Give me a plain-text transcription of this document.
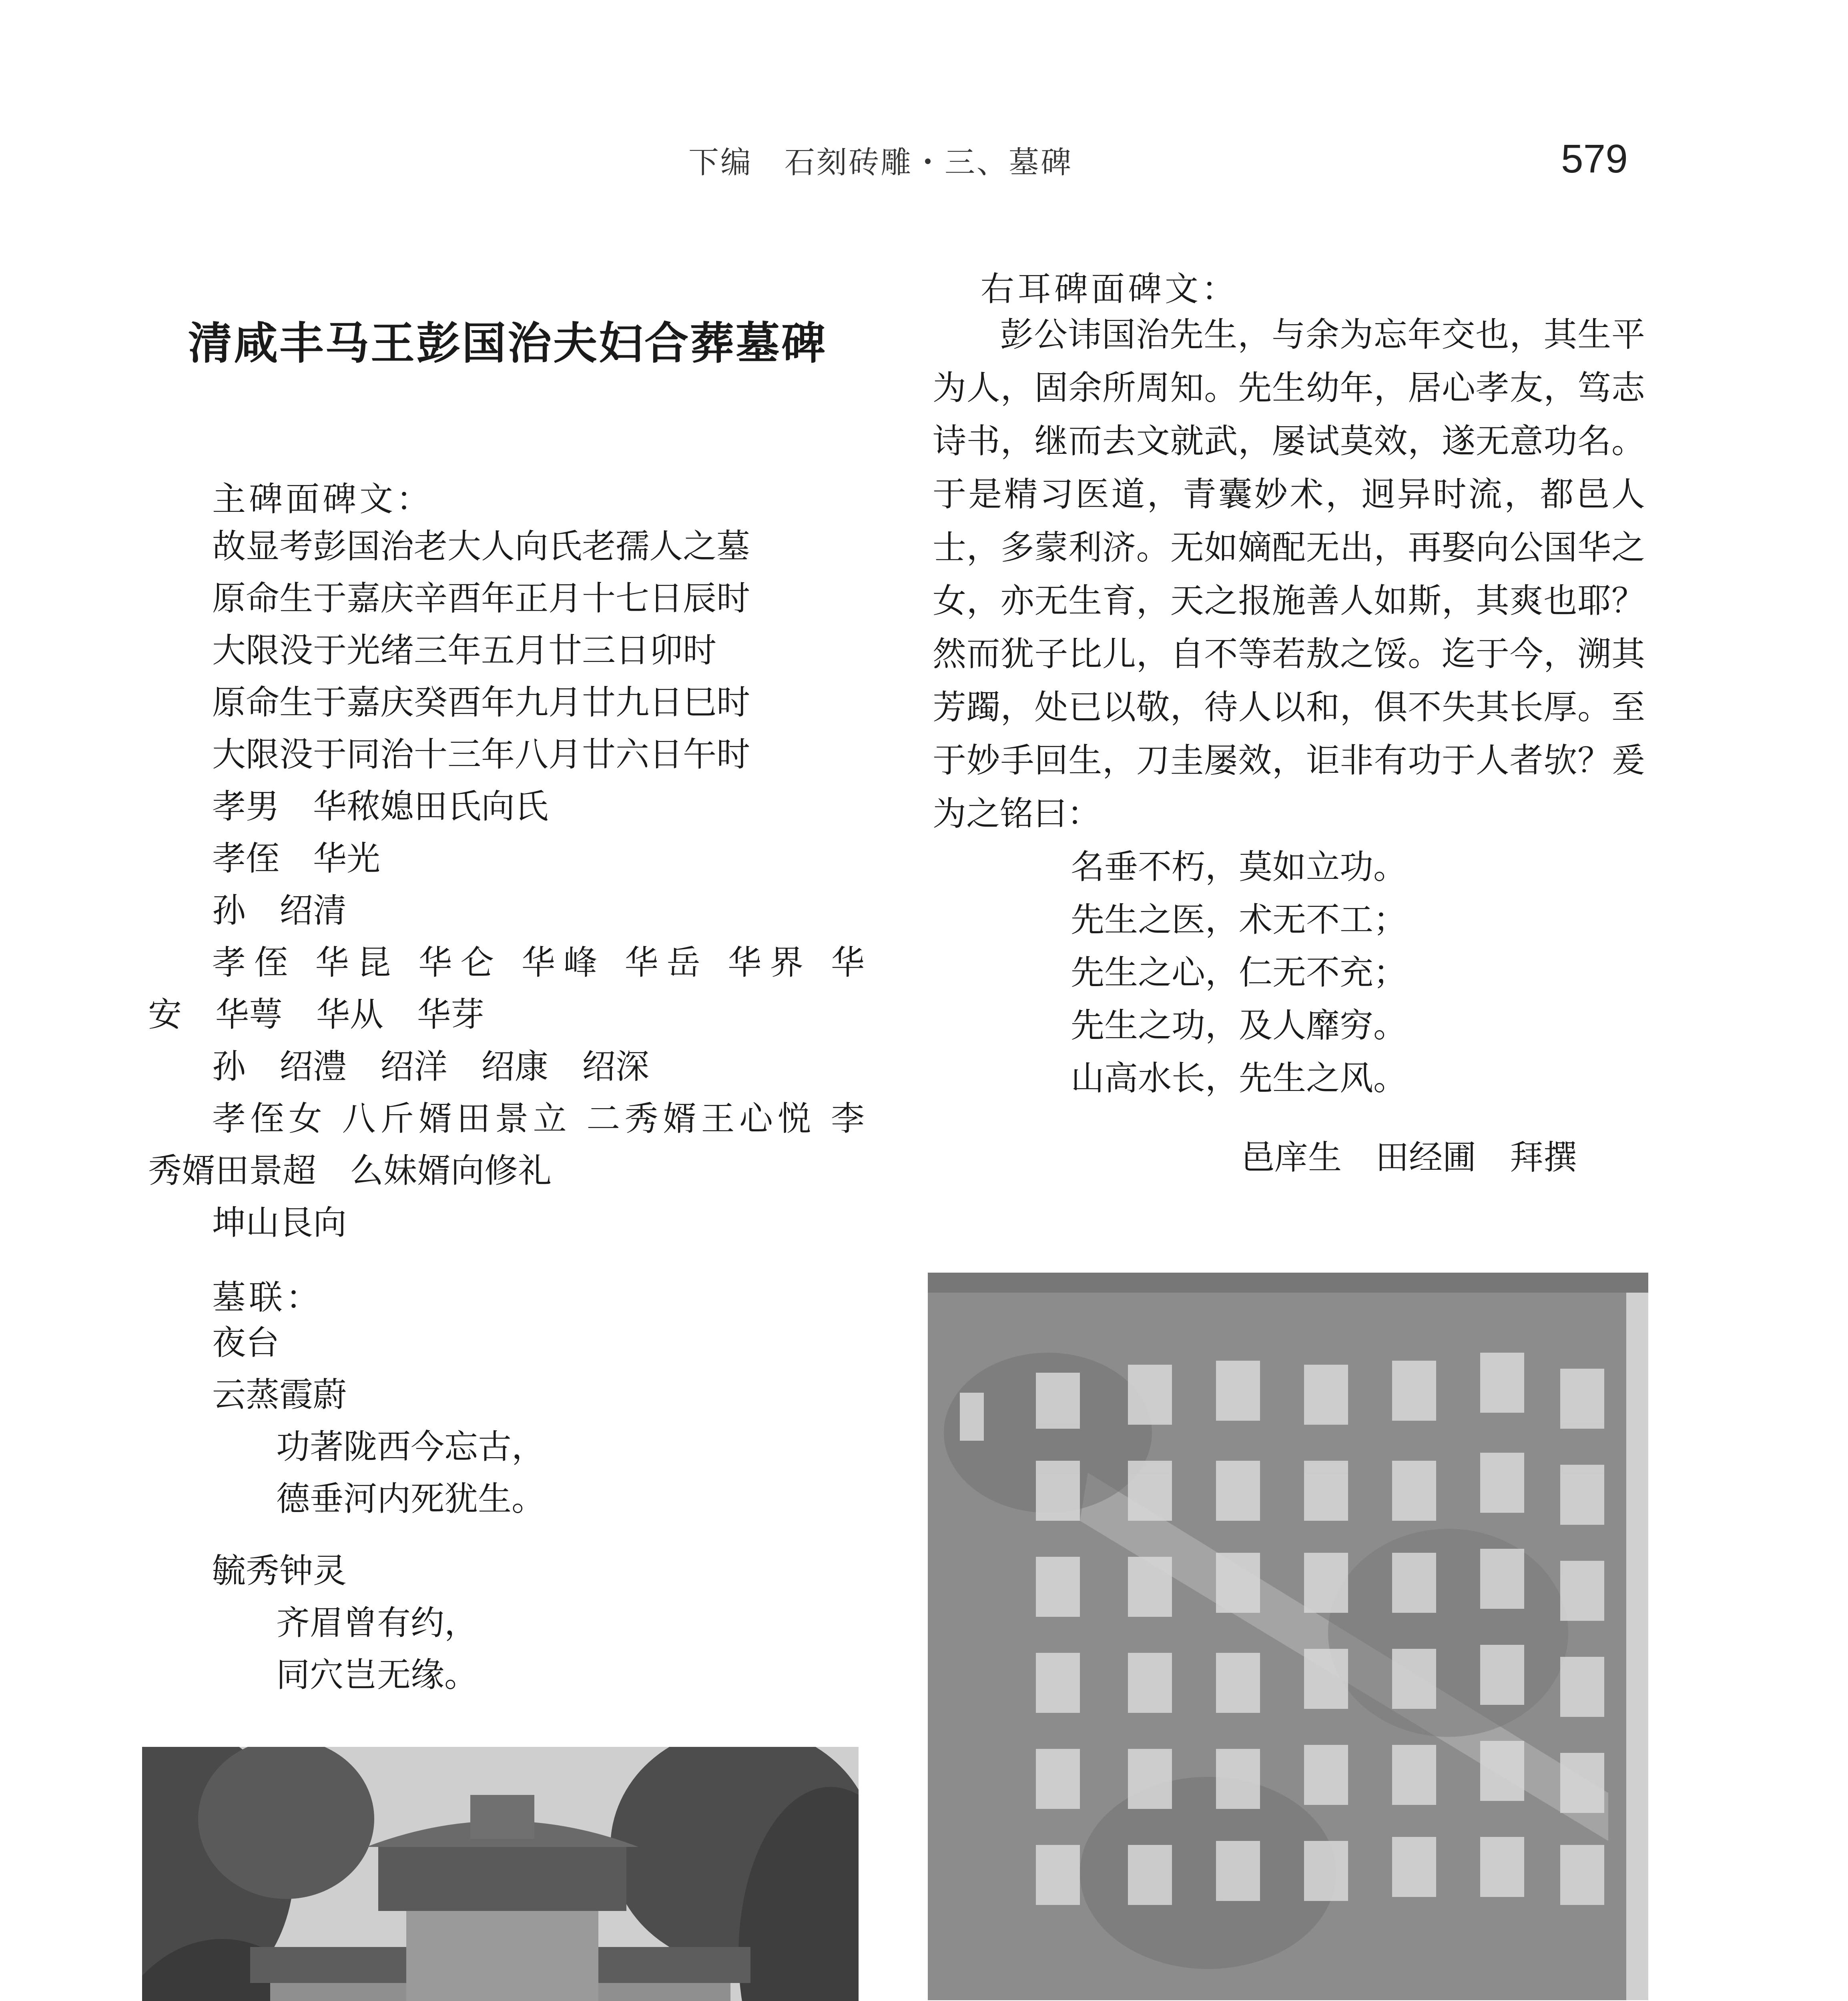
下编　石刻砖雕・三、墓碑	579
清咸丰马王彭国治夫妇合葬墓碑
主碑面碑文：
故显考彭国治老大人向氏老孺人之墓
原命生于嘉庆辛酉年正月十七日辰时
大限没于光绪三年五月廿三日卯时
原命生于嘉庆癸酉年九月廿九日巳时
大限没于同治十三年八月廿六日午时
孝男　华秾媳田氏向氏
孝侄　华光
孙　绍清
孝侄 华昆 华仑 华峰 华岳 华界 华
安　华萼　华从　华芽
孙　绍澧　绍洋　绍康　绍深
孝侄女 八斤婿田景立 二秀婿王心悦 李
秀婿田景超　么妹婿向修礼
坤山艮向
墓联：
夜台
云蒸霞蔚
功著陇西今忘古，
德垂河内死犹生。
毓秀钟灵
齐眉曾有约，
同穴岂无缘。
右耳碑面碑文：

彭公讳国治先生，与余为忘年交也，其生平为人，固余所周知。先生幼年，居心孝友，笃志诗书，继而去文就武，屡试莫效，遂无意功名。于是精习医道，青囊妙术，迥异时流，都邑人士，多蒙利济。无如嫡配无出，再娶向公国华之女，亦无生育，天之报施善人如斯，其爽也耶？然而犹子比儿，自不等若敖之馁。迄于今，溯其芳躅，处已以敬，待人以和，俱不失其长厚。至于妙手回生，刀圭屡效，讵非有功于人者欤？爰为之铭曰：

名垂不朽，莫如立功。
先生之医，术无不工；
先生之心，仁无不充；
先生之功，及人靡穷。
山高水长，先生之风。
邑庠生　田经圃　拜撰
